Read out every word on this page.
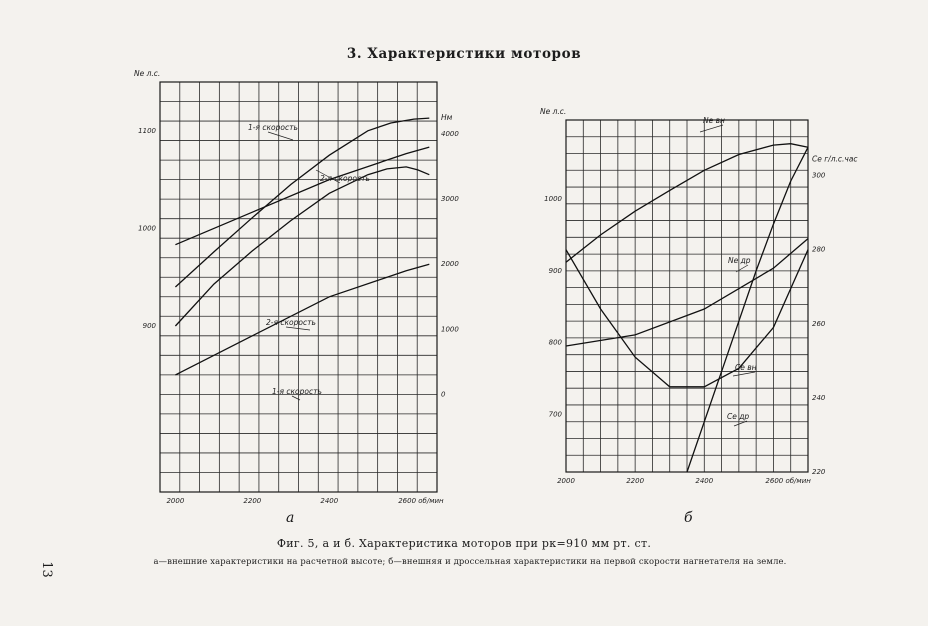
3. Характеристики моторов
2000	2200	2400	2600 об/мин
900
1000
1100
Ne л.с.
0
1000
2000
3000
4000
Нм
1-я скорость
2-я скорость
2-я скорость
1-я скорость
2000	2200	2400	2600 об/мин
700
800
900
1000
Ne л.с.
220
240
260
280
300
Ce г/л.с.час
Ne вн
Ne др
Ce вн
Ce др
а	б
Фиг. 5, а и б. Характеристика моторов при pк=910 мм рт. ст.
а—внешние характеристики на расчетной высоте; б—внешняя и дроссельная характеристики на первой скорости нагнетателя на земле.
13
